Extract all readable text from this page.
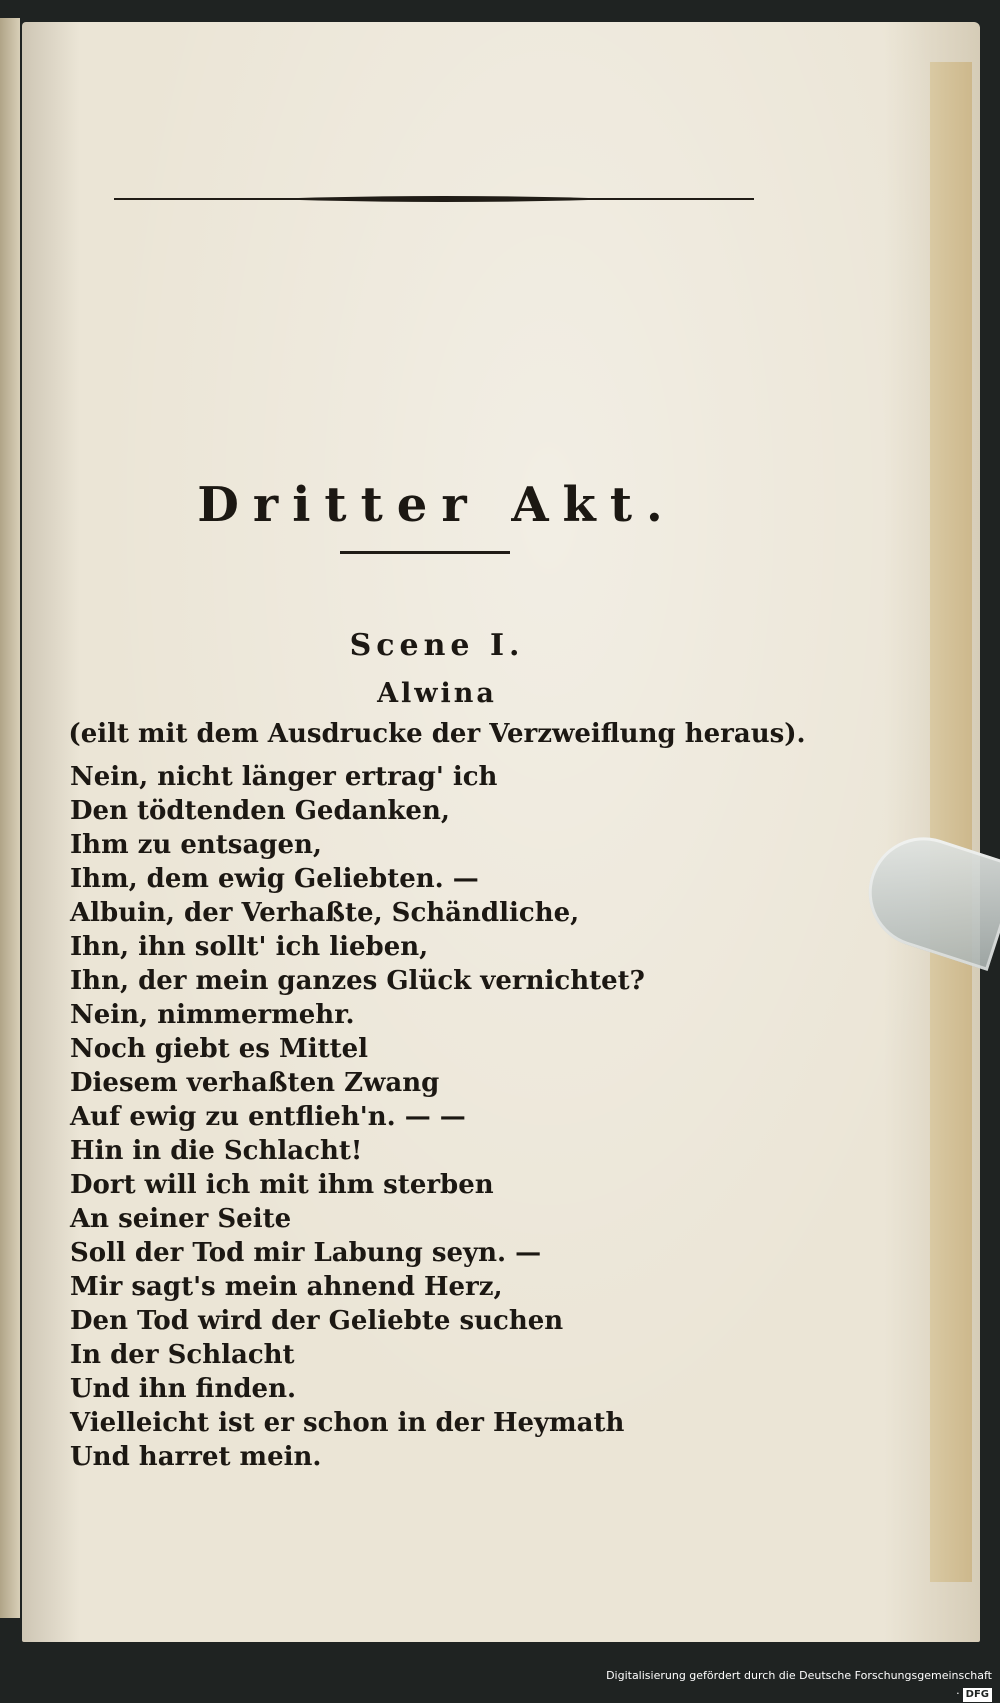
Dritter Akt.
Scene I.
Alwina
(eilt mit dem Ausdrucke der Verzweiflung heraus).
Nein, nicht länger ertrag' ich
Den tödtenden Gedanken,
Ihm zu entsagen,
Ihm, dem ewig Geliebten. —
Albuin, der Verhaßte, Schändliche,
Ihn, ihn sollt' ich lieben,
Ihn, der mein ganzes Glück vernichtet?
Nein, nimmermehr.
Noch giebt es Mittel
Diesem verhaßten Zwang
Auf ewig zu entflieh'n. — —
Hin in die Schlacht!
Dort will ich mit ihm sterben
An seiner Seite
Soll der Tod mir Labung seyn. —
Mir sagt's mein ahnend Herz,
Den Tod wird der Geliebte suchen
In der Schlacht
Und ihn finden.
Vielleicht ist er schon in der Heymath
Und harret mein.
Digitalisierung gefördert durch die Deutsche Forschungsgemeinschaft · DFG
